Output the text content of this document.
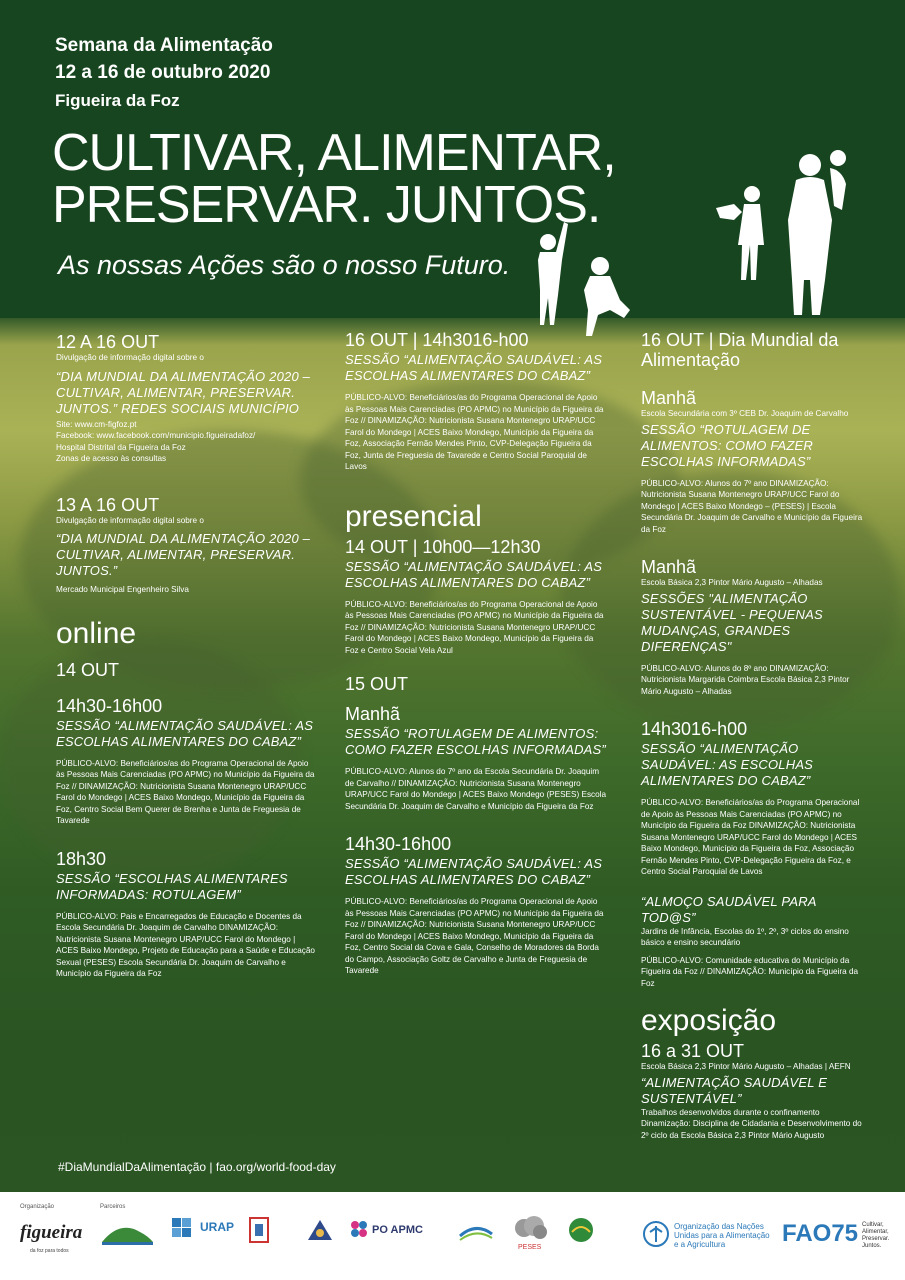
Semana da Alimentação
12 a 16 de outubro 2020
Figueira da Foz
CULTIVAR, ALIMENTAR,
PRESERVAR. JUNTOS.
As nossas Ações são o nosso Futuro.

12 A 16 OUT

Divulgação de informação digital sobre o

“DIA MUNDIAL DA ALIMENTAÇÃO 2020 – CULTIVAR, ALIMENTAR, PRESERVAR. JUNTOS.” REDES SOCIAIS MUNICÍPIO

Site: www.cm-figfoz.pt

Facebook: www.facebook.com/municipio.figueiradafoz/

Hospital Distrital da Figueira da Foz

Zonas de acesso às consultas

13 A 16 OUT

Divulgação de informação digital sobre o

“DIA MUNDIAL DA ALIMENTAÇÃO 2020 – CULTIVAR, ALIMENTAR, PRESERVAR. JUNTOS.”

Mercado Municipal Engenheiro Silva

online

14 OUT

14h30-16h00

SESSÃO “ALIMENTAÇÃO SAUDÁVEL: AS ESCOLHAS ALIMENTARES DO CABAZ”

PÚBLICO-ALVO: Beneficiários/as do Programa Operacional de Apoio às Pessoas Mais Carenciadas (PO APMC) no Município da Figueira da Foz // DINAMIZAÇÃO: Nutricionista Susana Montenegro URAP/UCC Farol do Mondego | ACES Baixo Mondego, Município da Figueira da Foz, Centro Social Bem Querer de Brenha e Junta de Freguesia de Tavarede

18h30

SESSÃO “ESCOLHAS ALIMENTARES INFORMADAS: ROTULAGEM”

PÚBLICO-ALVO: Pais e Encarregados de Educação e Docentes da Escola Secundária Dr. Joaquim de Carvalho DINAMIZAÇÃO: Nutricionista Susana Montenegro URAP/UCC Farol do Mondego | ACES Baixo Mondego, Projeto de Educação para a Saúde e Educação Sexual (PESES) Escola Secundária Dr. Joaquim de Carvalho e Município da Figueira da Foz

16 OUT | 14h3016-h00

SESSÃO “ALIMENTAÇÃO SAUDÁVEL: AS ESCOLHAS ALIMENTARES DO CABAZ”

PÚBLICO-ALVO: Beneficiários/as do Programa Operacional de Apoio às Pessoas Mais Carenciadas (PO APMC) no Município da Figueira da Foz // DINAMIZAÇÃO: Nutricionista Susana Montenegro URAP/UCC Farol do Mondego | ACES Baixo Mondego, Município da Figueira da Foz, Associação Fernão Mendes Pinto, CVP-Delegação Figueira da Foz, Junta de Freguesia de Tavarede e Centro Social Paroquial de Lavos

presencial

14 OUT | 10h00—12h30

SESSÃO “ALIMENTAÇÃO SAUDÁVEL: AS ESCOLHAS ALIMENTARES DO CABAZ”

PÚBLICO-ALVO: Beneficiários/as do Programa Operacional de Apoio às Pessoas Mais Carenciadas (PO APMC) no Município da Figueira da Foz // DINAMIZAÇÃO: Nutricionista Susana Montenegro URAP/UCC Farol do Mondego | ACES Baixo Mondego, Município da Figueira da Foz e Centro Social Vela Azul

15 OUT

Manhã

SESSÃO “ROTULAGEM DE ALIMENTOS: COMO FAZER ESCOLHAS INFORMADAS”

PÚBLICO-ALVO: Alunos do 7º ano da Escola Secundária Dr. Joaquim de Carvalho // DINAMIZAÇÃO: Nutricionista Susana Montenegro URAP/UCC Farol do Mondego | ACES Baixo Mondego (PESES) Escola Secundária Dr. Joaquim de Carvalho e Município da Figueira da Foz

14h30-16h00

SESSÃO “ALIMENTAÇÃO SAUDÁVEL: AS ESCOLHAS ALIMENTARES DO CABAZ”

PÚBLICO-ALVO: Beneficiários/as do Programa Operacional de Apoio às Pessoas Mais Carenciadas (PO APMC) no Município da Figueira da Foz // DINAMIZAÇÃO: Nutricionista Susana Montenegro URAP/UCC Farol do Mondego | ACES Baixo Mondego, Município da Figueira da Foz, Centro Social da Cova e Gala, Conselho de Moradores da Borda do Campo, Associação Goltz de Carvalho e Junta de Freguesia de Tavarede

16 OUT | Dia Mundial da Alimentação

Manhã

Escola Secundária com 3º CEB Dr. Joaquim de Carvalho

SESSÃO “ROTULAGEM DE ALIMENTOS: COMO FAZER ESCOLHAS INFORMADAS”

PÚBLICO-ALVO: Alunos do 7º ano DINAMIZAÇÃO: Nutricionista Susana Montenegro URAP/UCC Farol do Mondego | ACES Baixo Mondego – (PESES) | Escola Secundária Dr. Joaquim de Carvalho e Município da Figueira da Foz

Manhã

Escola Básica 2,3 Pintor Mário Augusto – Alhadas

SESSÕES "ALIMENTAÇÃO SUSTENTÁVEL - PEQUENAS MUDANÇAS, GRANDES DIFERENÇAS"

PÚBLICO-ALVO: Alunos do 8º ano DINAMIZAÇÃO: Nutricionista Margarida Coimbra Escola Básica 2,3 Pintor Mário Augusto – Alhadas

14h3016-h00

SESSÃO “ALIMENTAÇÃO SAUDÁVEL: AS ESCOLHAS ALIMENTARES DO CABAZ”

PÚBLICO-ALVO: Beneficiários/as do Programa Operacional de Apoio às Pessoas Mais Carenciadas (PO APMC) no Município da Figueira da Foz DINAMIZAÇÃO: Nutricionista Susana Montenegro URAP/UCC Farol do Mondego | ACES Baixo Mondego, Município da Figueira da Foz, Associação Fernão Mendes Pinto, CVP-Delegação Figueira da Foz, e Centro Social Paroquial de Lavos

“ALMOÇO SAUDÁVEL PARA TOD@S”

Jardins de Infância, Escolas do 1º, 2º, 3º ciclos do ensino básico e ensino secundário

PÚBLICO-ALVO: Comunidade educativa do Município da Figueira da Foz // DINAMIZAÇÃO: Município da Figueira da Foz

exposição

16 a 31 OUT

Escola Básica 2,3 Pintor Mário Augusto – Alhadas | AEFN

“ALIMENTAÇÃO SAUDÁVEL E SUSTENTÁVEL”

Trabalhos desenvolvidos durante o confinamento Dinamização: Disciplina de Cidadania e Desenvolvimento do 2º ciclo da Escola Básica 2,3 Pintor Mário Augusto

#DiaMundialDaAlimentação | fao.org/world-food-day
Organização	Parceiros
figueira
da foz para todos
URAP	PO APMC
PESES
Organização das Nações Unidas para a Alimentação e a Agricultura	FAO75 Cultivar, Alimentar, Preservar. Juntos.
